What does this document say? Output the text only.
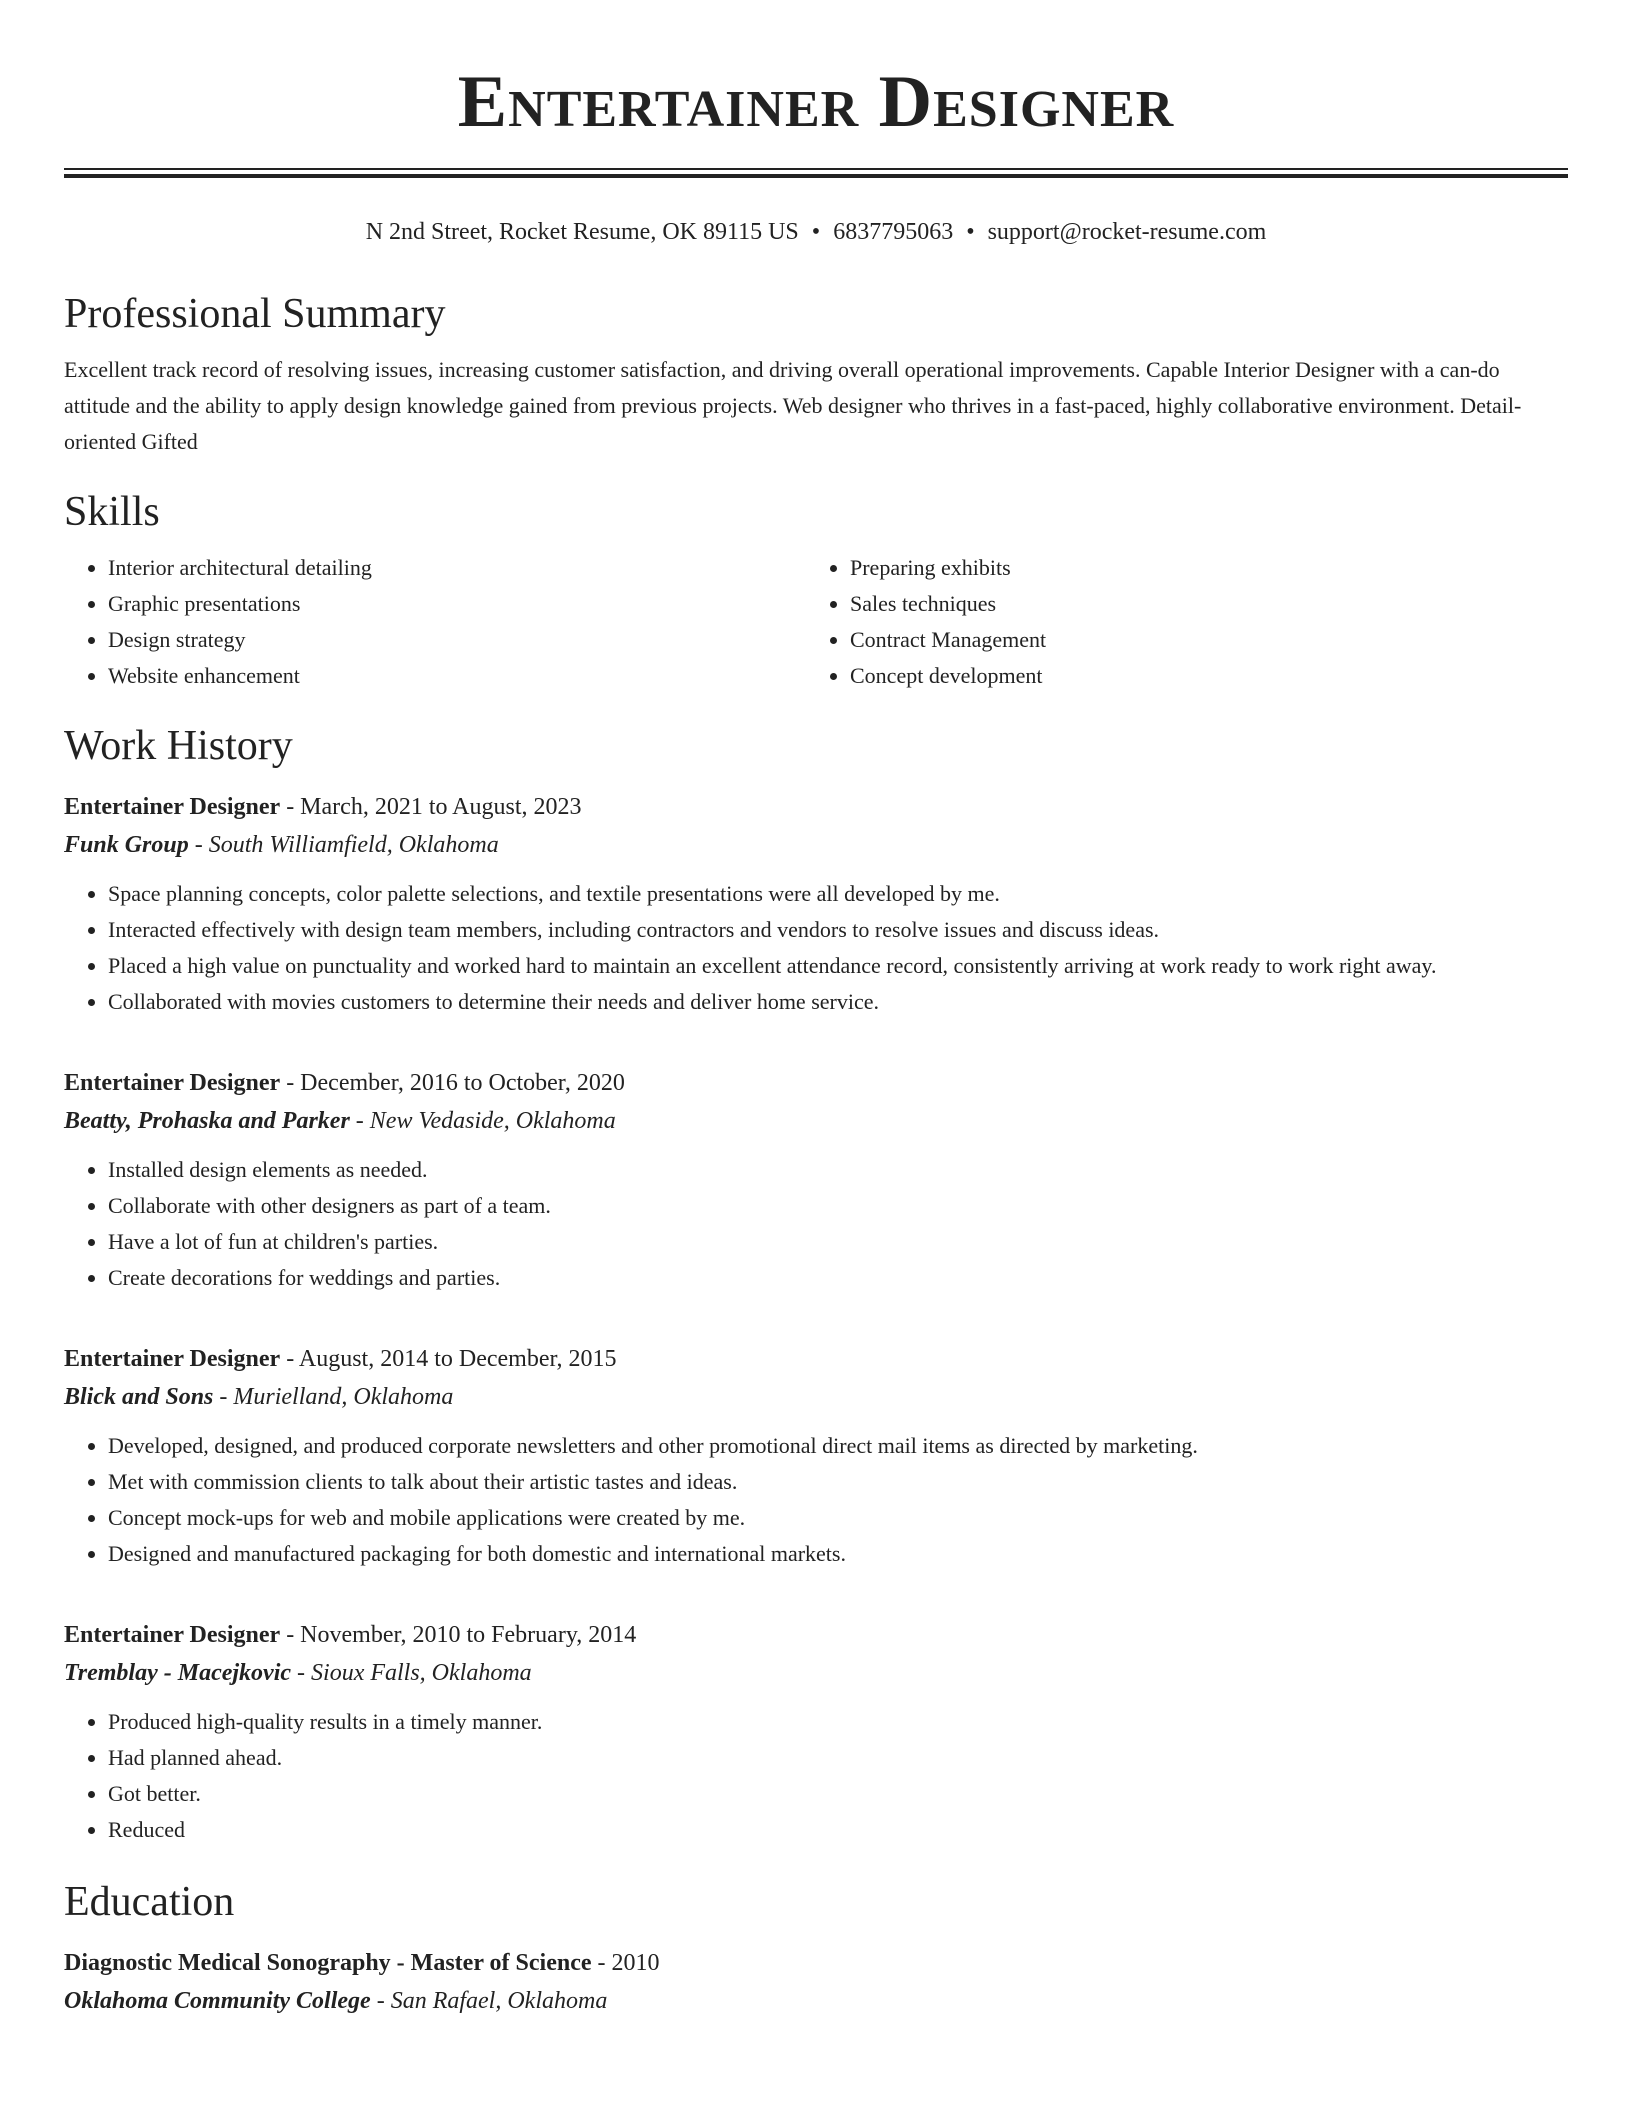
Entertainer Designer
N 2nd Street, Rocket Resume, OK 89115 US • 6837795063 • support@rocket-resume.com
Professional Summary

Excellent track record of resolving issues, increasing customer satisfaction, and driving overall operational improvements. Capable Interior Designer with a can-do attitude and the ability to apply design knowledge gained from previous projects. Web designer who thrives in a fast-paced, highly collaborative environment. Detail-oriented Gifted

Skills
• Interior architectural detailing
• Graphic presentations
• Design strategy
• Website enhancement
• Preparing exhibits
• Sales techniques
• Contract Management
• Concept development
Work History
Entertainer Designer - March, 2021 to August, 2023
Funk Group - South Williamfield, Oklahoma
• Space planning concepts, color palette selections, and textile presentations were all developed by me.
• Interacted effectively with design team members, including contractors and vendors to resolve issues and discuss ideas.
• Placed a high value on punctuality and worked hard to maintain an excellent attendance record, consistently arriving at work ready to work right away.
• Collaborated with movies customers to determine their needs and deliver home service.
Entertainer Designer - December, 2016 to October, 2020
Beatty, Prohaska and Parker - New Vedaside, Oklahoma
• Installed design elements as needed.
• Collaborate with other designers as part of a team.
• Have a lot of fun at children's parties.
• Create decorations for weddings and parties.
Entertainer Designer - August, 2014 to December, 2015
Blick and Sons - Murielland, Oklahoma
• Developed, designed, and produced corporate newsletters and other promotional direct mail items as directed by marketing.
• Met with commission clients to talk about their artistic tastes and ideas.
• Concept mock-ups for web and mobile applications were created by me.
• Designed and manufactured packaging for both domestic and international markets.
Entertainer Designer - November, 2010 to February, 2014
Tremblay - Macejkovic - Sioux Falls, Oklahoma
• Produced high-quality results in a timely manner.
• Had planned ahead.
• Got better.
• Reduced
Education
Diagnostic Medical Sonography - Master of Science - 2010
Oklahoma Community College - San Rafael, Oklahoma
